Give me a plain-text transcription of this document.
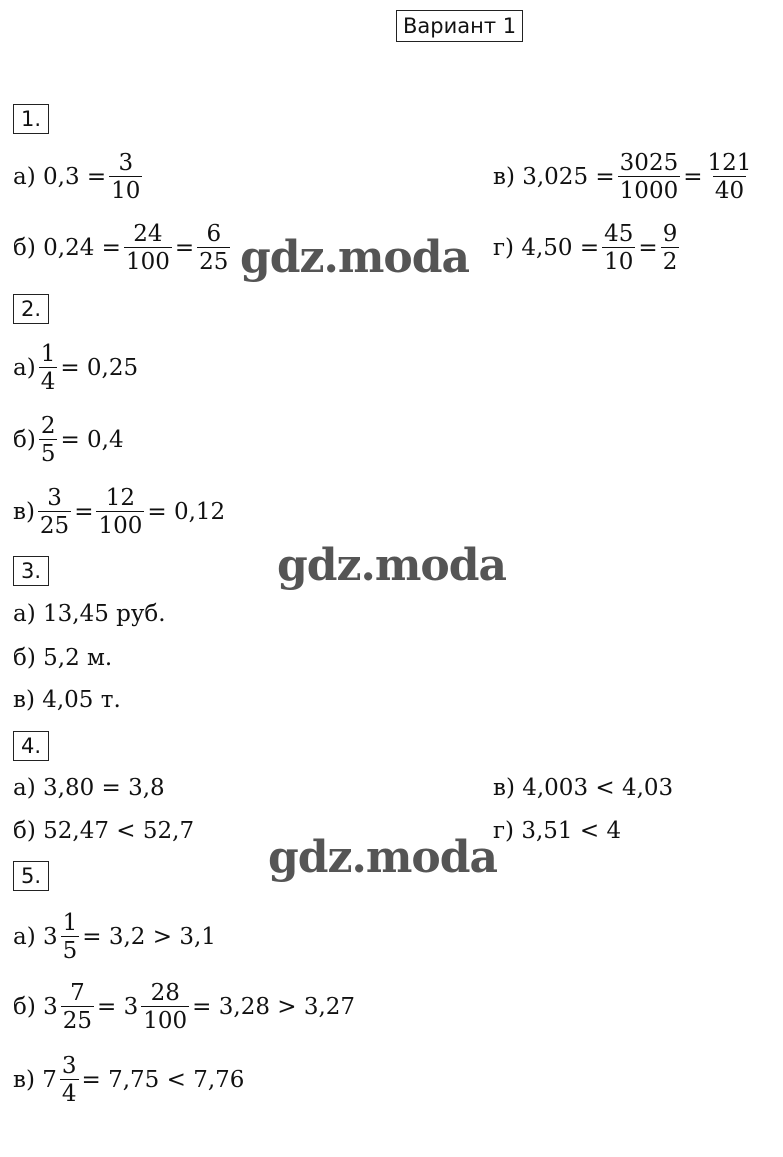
Вариант 1
1.
а)
$0,3 = \frac{3}{10}$
б)
$0,24 = \frac{24}{100} = \frac{6}{25}$
в)
$3,025 = \frac{3025}{1000} = \frac{121}{40}$
г)
$4,50 = \frac{45}{10} = \frac{9}{2}$
gdz.moda
2.
$а) \frac{1}{4} = 0,25$
$б) \frac{2}{5} = 0,4$
$в) \frac{3}{25} = \frac{12}{100} = 0,12$
gdz.moda
3.
а) 13,45 руб.
б) 5,2 м.
в) 4,05 т.
4.
а) 3,80 = 3,8
б) 52,47 < 52,7
в) 4,003 < 4,03
г) 3,51 < 4
gdz.moda
5.
а) $3 \frac{1}{5} = 3,2 > 3,1$
б) $3 \frac{7}{25} = 3 \frac{28}{100} = 3,28 > 3,27$
в) $7 \frac{3}{4} = 7,75 < 7,76$
